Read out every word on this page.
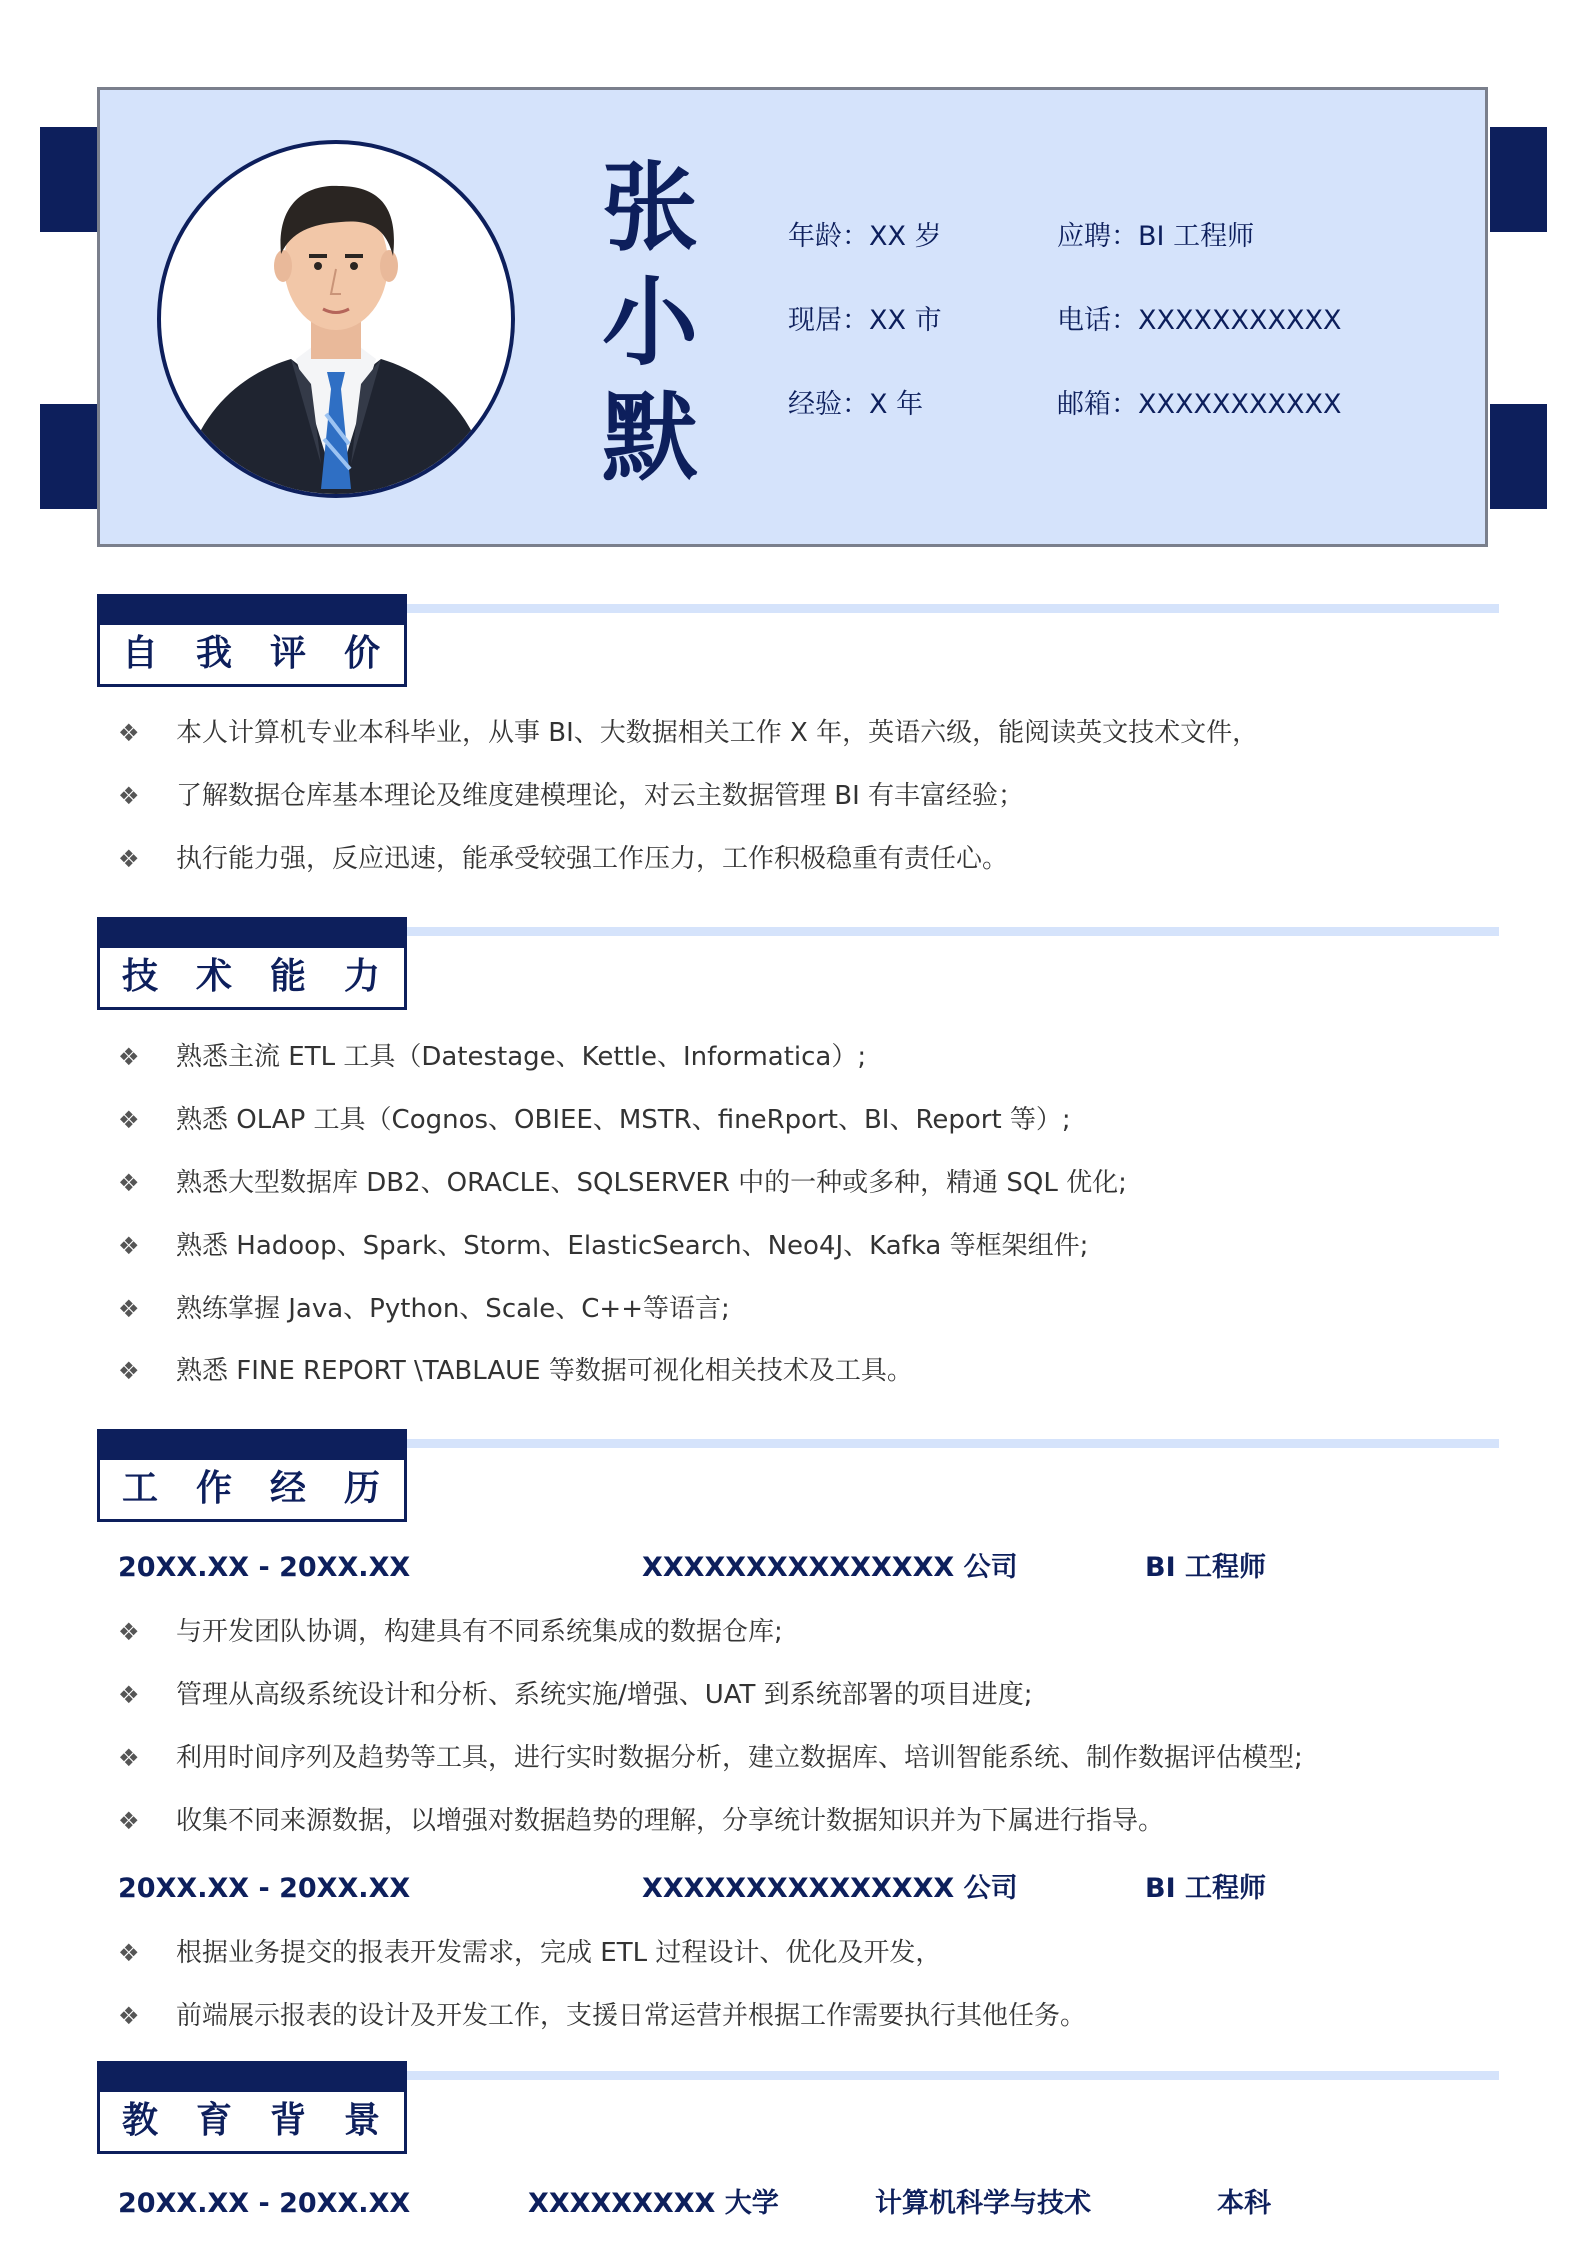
张
小
默
年龄：XX 岁	应聘：BI 工程师
现居：XX 市	电话：XXXXXXXXXXX
经验：X 年	邮箱：XXXXXXXXXXX
自我评价
❖ 本人计算机专业本科毕业，从事 BI、大数据相关工作 X 年，英语六级，能阅读英文技术文件，
❖ 了解数据仓库基本理论及维度建模理论，对云主数据管理 BI 有丰富经验；
❖ 执行能力强，反应迅速，能承受较强工作压力，工作积极稳重有责任心。
技术能力
❖ 熟悉主流 ETL 工具（Datestage、Kettle、Informatica）;
❖ 熟悉 OLAP 工具（Cognos、OBIEE、MSTR、fineRport、BI、Report 等）;
❖ 熟悉大型数据库 DB2、ORACLE、SQLSERVER 中的一种或多种，精通 SQL 优化;
❖ 熟悉 Hadoop、Spark、Storm、ElasticSearch、Neo4J、Kafka 等框架组件;
❖ 熟练掌握 Java、Python、Scale、C++等语言;
❖ 熟悉 FINE REPORT \TABLAUE 等数据可视化相关技术及工具。
工作经历
20XX.XX - 20XX.XX	XXXXXXXXXXXXXXX 公司	BI 工程师
❖ 与开发团队协调，构建具有不同系统集成的数据仓库;
❖ 管理从高级系统设计和分析、系统实施/增强、UAT 到系统部署的项目进度;
❖ 利用时间序列及趋势等工具，进行实时数据分析，建立数据库、培训智能系统、制作数据评估模型;
❖ 收集不同来源数据，以增强对数据趋势的理解，分享统计数据知识并为下属进行指导。
20XX.XX - 20XX.XX	XXXXXXXXXXXXXXX 公司	BI 工程师
❖ 根据业务提交的报表开发需求，完成 ETL 过程设计、优化及开发，
❖ 前端展示报表的设计及开发工作，支援日常运营并根据工作需要执行其他任务。
教育背景
20XX.XX - 20XX.XX	XXXXXXXXX 大学	计算机科学与技术	本科
